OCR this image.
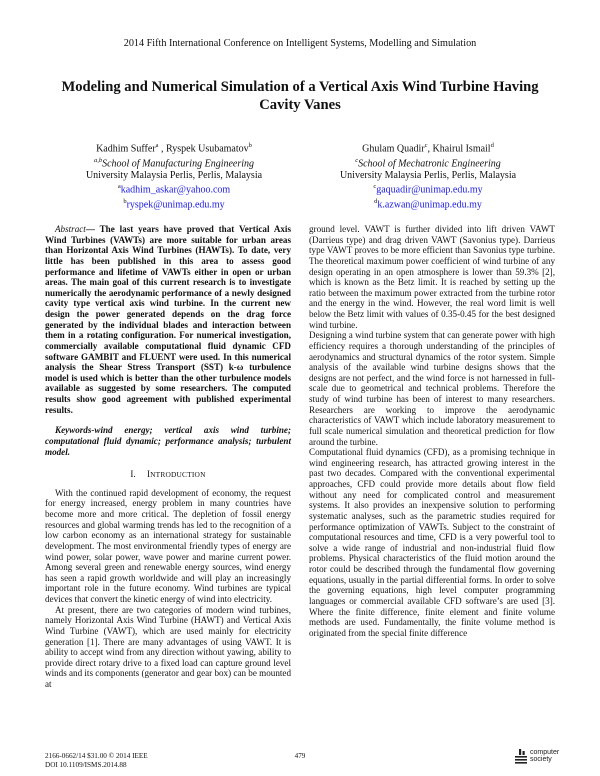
2014 Fifth International Conference on Intelligent Systems, Modelling and Simulation
Modeling and Numerical Simulation of a Vertical Axis Wind Turbine Having Cavity Vanes
Kadhim Suffer$^a$ , Ryspek Usubamatov$^b$
$^{a,b}$School of Manufacturing Engineering
University Malaysia Perlis, Perlis, Malaysia
$^a$kadhim_askar@yahoo.com
$^b$ryspek@unimap.edu.my
Ghulam Quadir$^c$, Khairul Ismail$^d$
$^c$School of Mechatronic Engineering
University Malaysia Perlis, Perlis, Malaysia
$^c$gaquadir@unimap.edu.my
$^d$k.azwan@unimap.edu.my

Abstract— The last years have proved that Vertical Axis Wind Turbines (VAWTs) are more suitable for urban areas than Horizontal Axis Wind Turbines (HAWTs). To date, very little has been published in this area to assess good performance and lifetime of VAWTs either in open or urban areas. The main goal of this current research is to investigate numerically the aerodynamic performance of a newly designed cavity type vertical axis wind turbine. In the current new design the power generated depends on the drag force generated by the individual blades and interaction between them in a rotating configuration. For numerical investigation, commercially available computational fluid dynamic CFD software GAMBIT and FLUENT were used. In this numerical analysis the Shear Stress Transport (SST) k-ω turbulence model is used which is better than the other turbulence models available as suggested by some researchers. The computed results show good agreement with published experimental results.

Keywords-wind energy; vertical axis wind turbine; computational fluid dynamic; performance analysis; turbulent model.

I. INTRODUCTION

With the continued rapid development of economy, the request for energy increased, energy problem in many countries have become more and more critical. The depletion of fossil energy resources and global warming trends has led to the recognition of a low carbon economy as an international strategy for sustainable development. The most environmental friendly types of energy are wind power, solar power, wave power and marine current power. Among several green and renewable energy sources, wind energy has seen a rapid growth worldwide and will play an increasingly important role in the future economy. Wind turbines are typical devices that convert the kinetic energy of wind into electricity.

At present, there are two categories of modern wind turbines, namely Horizontal Axis Wind Turbine (HAWT) and Vertical Axis Wind Turbine (VAWT), which are used mainly for electricity generation [1]. There are many advantages of using VAWT. It is ability to accept wind from any direction without yawing, ability to provide direct rotary drive to a fixed load can capture ground level winds and its components (generator and gear box) can be mounted at

ground level. VAWT is further divided into lift driven VAWT (Darrieus type) and drag driven VAWT (Savonius type). Darrieus type VAWT proves to be more efficient than Savonius type turbine. The theoretical maximum power coefficient of wind turbine of any design operating in an open atmosphere is lower than 59.3% [2], which is known as the Betz limit. It is reached by setting up the ratio between the maximum power extracted from the turbine rotor and the energy in the wind. However, the real word limit is well below the Betz limit with values of 0.35-0.45 for the best designed wind turbine.

Designing a wind turbine system that can generate power with high efficiency requires a thorough understanding of the principles of aerodynamics and structural dynamics of the rotor system. Simple analysis of the available wind turbine designs shows that the designs are not perfect, and the wind force is not harnessed in full-scale due to geometrical and technical problems. Therefore the study of wind turbine has been of interest to many researchers. Researchers are working to improve the aerodynamic characteristics of VAWT which include laboratory measurement to full scale numerical simulation and theoretical prediction for flow around the turbine.

Computational fluid dynamics (CFD), as a promising technique in wind engineering research, has attracted growing interest in the past two decades. Compared with the conventional experimental approaches, CFD could provide more details about flow field without any need for complicated control and measurement systems. It also provides an inexpensive solution to performing systematic analyses, such as the parametric studies required for performance optimization of VAWTs. Subject to the constraint of computational resources and time, CFD is a very powerful tool to solve a wide range of industrial and non-industrial fluid flow problems. Physical characteristics of the fluid motion around the rotor could be described through the fundamental flow governing equations, usually in the partial differential forms. In order to solve the governing equations, high level computer programming languages or commercial available CFD software’s are used [3]. Where the finite difference, finite element and finite volume methods are used. Fundamentally, the finite volume method is originated from the special finite difference

2166-0662/14 $31.00 © 2014 IEEE
DOI 10.1109/ISMS.2014.88
479	computer
society
